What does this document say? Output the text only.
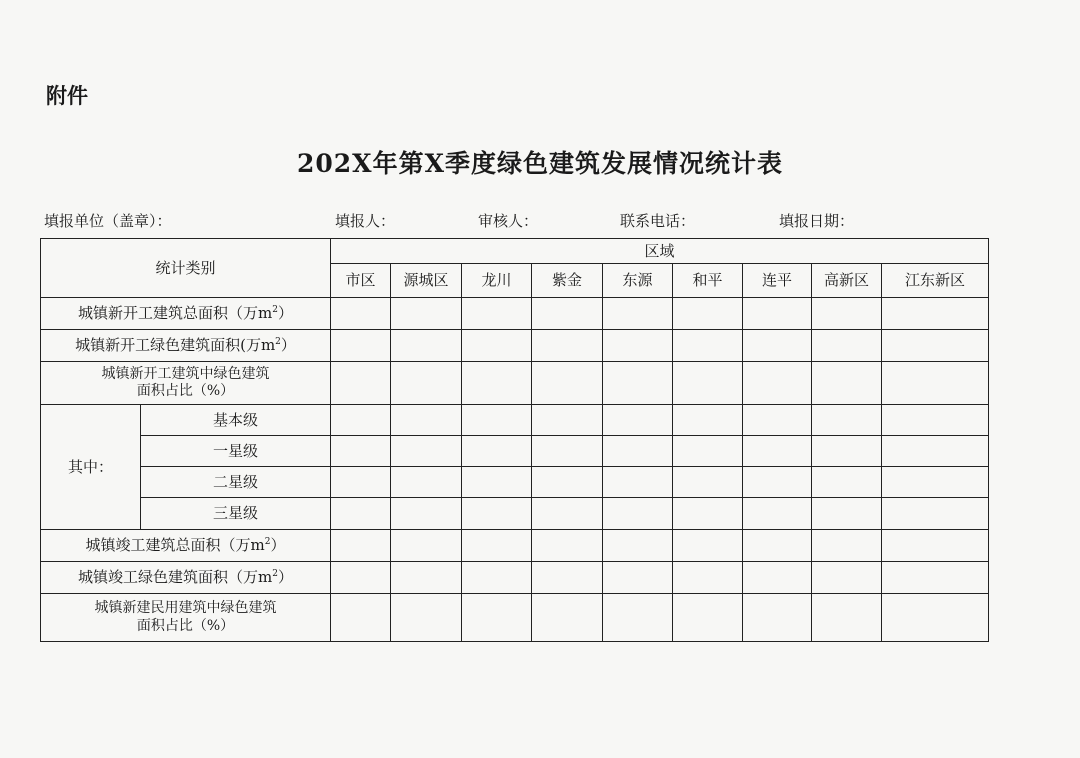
附件
202X年第X季度绿色建筑发展情况统计表
填报单位（盖章）：	填报人：	审核人：	联系电话：	填报日期：
统计类别		区域								
		市区	源城区	龙川	紫金	东源	和平	连平	高新区	江东新区
城镇新开工建筑总面积（万$m^2$）										
城镇新开工绿色建筑面积(万$m^2$）										

城镇新开工建筑中绿色建筑
面积占比（%）										

其中：	基本级									
	一星级									
	二星级									
	三星级									
城镇竣工建筑总面积（万$m^2$）										
城镇竣工绿色建筑面积（万$m^2$）										

城镇新建民用建筑中绿色建筑
面积占比（%）										
